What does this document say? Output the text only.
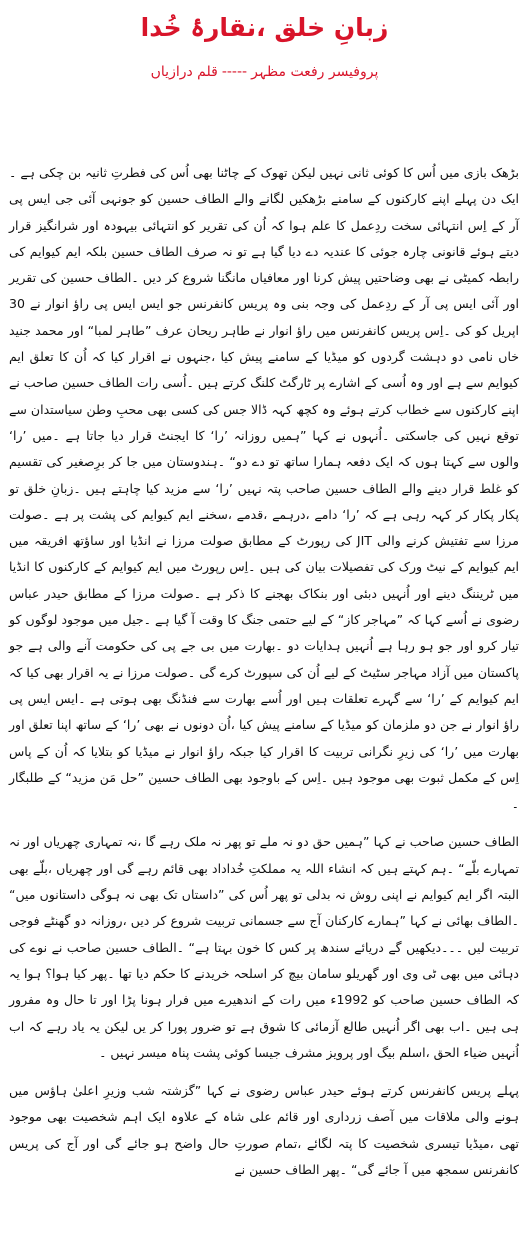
زبانِ خلق ،نقارۂ خُدا
پروفیسر رفعت مظہر-----قلم درازیاں

بڑھک بازی میں اُس کا کوئی ثانی نہیں لیکن تھوک کے چاٹنا بھی اُس کی فطرتِ ثانیہ بن چکی ہے ۔ایک دن پہلے اپنے کارکنوں کے سامنے بڑھکیں لگانے والے الطاف حسین کو جونہی آئی جی ایس پی آر کے اِس انتہائی سخت ردِعمل کا علم ہوا کہ اُن کی تقریر کو انتہائی بیہودہ اور شرانگیز قرار دیتے ہوئے قانونی چارہ جوئی کا عندیہ دے دیا گیا ہے تو نہ صرف الطاف حسین بلکہ ایم کیوایم کی رابطہ کمیٹی نے بھی وضاحتیں پیش کرنا اور معافیاں مانگنا شروع کر دیں ۔الطاف حسین کی تقریر اور آئی ایس پی آر کے ردِعمل کی وجہ بنی وہ پریس کانفرنس جو ایس ایس پی راؤ انوار نے 30 اپریل کو کی ۔اِس پریس کانفرنس میں راؤ انوار نے طاہر ریحان عرف ”طاہر لمبا“ اور محمد جنید خاں نامی دو دہشت گردوں کو میڈیا کے سامنے پیش کیا ،جنہوں نے اقرار کیا کہ اُن کا تعلق ایم کیوایم سے ہے اور وہ اُسی کے اشارے پر ٹارگٹ کلنگ کرتے ہیں ۔اُسی رات الطاف حسین صاحب نے اپنے کارکنوں سے خطاب کرتے ہوئے وہ کچھ کہہ ڈالا جس کی کسی بھی محبِ وطن سیاستدان سے توقع نہیں کی جاسکتی ۔اُنہوں نے کہا ”ہمیں روزانہ ’را‘ کا ایجنٹ قرار دیا جاتا ہے ۔میں ’را‘ والوں سے کہتا ہوں کہ ایک دفعہ ہمارا ساتھ تو دے دو“ ۔ہندوستان میں جا کر برِصغیر کی تقسیم کو غلط قرار دینے والے الطاف حسین صاحب پتہ نہیں ’را‘ سے مزید کیا چاہتے ہیں ۔زبانِ خلق تو پکار پکار کر کہہ رہی ہے کہ ’را‘ دامے ،درہمے ،قدمے ،سخنے ایم کیوایم کی پشت پر ہے ۔صولت مرزا سے تفتیش کرنے والی JIT کی رپورٹ کے مطابق صولت مرزا نے انڈیا اور ساؤتھ افریقہ میں ایم کیوایم کے نیٹ ورک کی تفصیلات بیان کی ہیں ۔اِس رپورٹ میں ایم کیوایم کے کارکنوں کا انڈیا میں ٹریننگ دینے اور اُنہیں دبئی اور بنکاک بھجنے کا ذکر ہے ۔صولت مرزا کے مطابق حیدر عباس رضوی نے اُسے کہا کہ ”مہاجر کاز“ کے لیے حتمی جنگ کا وقت آ گیا ہے ۔جیل میں موجود لوگوں کو تیار کرو اور جو ہو رہا ہے اُنہیں ہدایات دو ۔بھارت میں بی جے پی کی حکومت آنے والی ہے جو پاکستان میں آزاد مہاجر سٹیٹ کے لیے اُن کی سپورٹ کرے گی ۔صولت مرزا نے یہ اقرار بھی کیا کہ ایم کیوایم کے ’را‘ سے گہرے تعلقات ہیں اور اُسے بھارت سے فنڈنگ بھی ہوتی ہے ۔ایس ایس پی راؤ انوار نے جن دو ملزمان کو میڈیا کے سامنے پیش کیا ،اُن دونوں نے بھی ’را‘ کے ساتھ اپنا تعلق اور بھارت میں ’را‘ کی زیرِ نگرانی تربیت کا اقرار کیا جبکہ راؤ انوار نے میڈیا کو بتلایا کہ اُن کے پاس اِس کے مکمل ثبوت بھی موجود ہیں ۔اِس کے باوجود بھی الطاف حسین ”حل مَن مزید“ کے طلبگار ۔

الطاف حسین صاحب نے کہا ”ہمیں حق دو نہ ملے تو پھر نہ ملک رہے گا ،نہ تمہاری چھریاں اور نہ تمہارے بلّے“ ۔ہم کہتے ہیں کہ انشاء اللہ یہ مملکتِ خُداداد بھی قائم رہے گی اور چھریاں ،بلّے بھی البتہ اگر ایم کیوایم نے اپنی روش نہ بدلی تو پھر اُس کی ”داستاں تک بھی نہ ہوگی داستانوں میں“ ۔الطاف بھائی نے کہا ”ہمارے کارکنان آج سے جسمانی تربیت شروع کر دیں ،روزانہ دو گھنٹے فوجی تربیت لیں ۔۔۔دیکھیں گے دریائے سندھ پر کس کا خون بہتا ہے“ ۔الطاف حسین صاحب نے نوے کی دہائی میں بھی ٹی وی اور گھریلو سامان بیچ کر اسلحہ خریدنے کا حکم دیا تھا ۔پھر کیا ہوا؟ ہوا یہ کہ الطاف حسین صاحب کو 1992ء میں رات کے اندھیرے میں فرار ہونا پڑا اور تا حال وہ مفرور ہی ہیں ۔اب بھی اگر اُنہیں طالع آزمائی کا شوق ہے تو ضرور پورا کر یں لیکن یہ یاد رہے کہ اب اُنہیں ضیاء الحق ،اسلم بیگ اور پرویز مشرف جیسا کوئی پشت پناہ میسر نہیں ۔

پہلے پریس کانفرنس کرتے ہوئے حیدر عباس رضوی نے کہا ”گزشتہ شب وزیرِ اعلیٰ ہاؤس میں ہونے والی ملاقات میں آصف زرداری اور قائم علی شاہ کے علاوہ ایک اہم شخصیت بھی موجود تھی ،میڈیا تیسری شخصیت کا پتہ لگائے ،تمام صورتِ حال واضح ہو جائے گی اور آج کی پریس کانفرنس سمجھ میں آ جائے گی“ ۔پھر الطاف حسین نے
